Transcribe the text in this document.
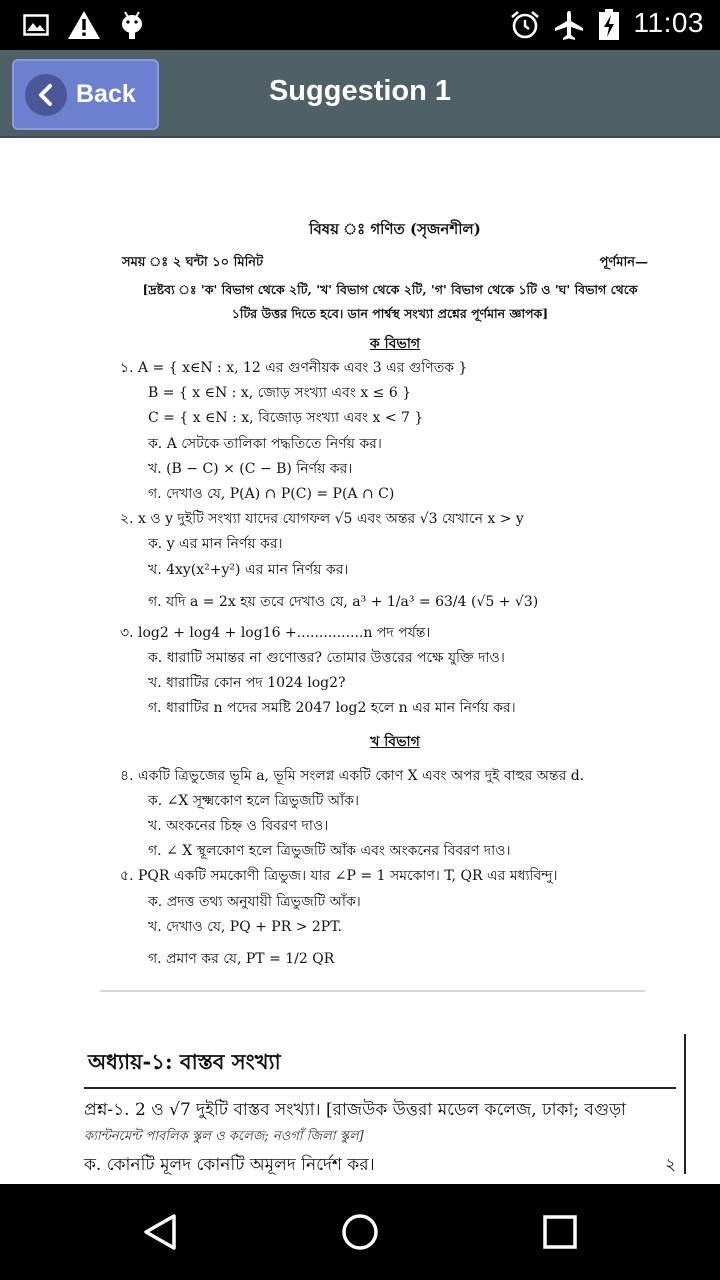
11:03
Back	Suggestion 1
বিষয় ঃ গণিত (সৃজনশীল)
সময় ঃ ২ ঘন্টা ১০ মিনিট	পূর্ণমান—
[দ্রষ্টব্য ঃ 'ক' বিভাগ থেকে ২টি, 'খ' বিভাগ থেকে ২টি, 'গ' বিভাগ থেকে ১টি ও 'ঘ' বিভাগ থেকে
১টির উত্তর দিতে হবে। ডান পার্শ্বস্থ সংখ্যা প্রশ্নের পূর্ণমান জ্ঞাপক]
ক বিভাগ
১. A = { x∈N : x, 12 এর গুণনীয়ক এবং 3 এর গুণিতক }
B = { x ∈N : x, জোড় সংখ্যা এবং x ≤ 6 }
C = { x ∈N : x, বিজোড় সংখ্যা এবং x < 7 }
ক. A সেটকে তালিকা পদ্ধতিতে নির্ণয় কর।
খ. (B − C) × (C − B) নির্ণয় কর।
গ. দেখাও যে, P(A) ∩ P(C) = P(A ∩ C)
২. x ও y দুইটি সংখ্যা যাদের যোগফল √5 এবং অন্তর √3 যেখানে x > y
ক. y এর মান নির্ণয় কর।
খ. 4xy(x²+y²) এর মান নির্ণয় কর।
গ. যদি a = 2x হয় তবে দেখাও যে, a³ + 1/a³ = 63/4 (√5 + √3)
৩. log2 + log4 + log16 +...............n পদ পর্যন্ত।
ক. ধারাটি সমান্তর না গুণোত্তর? তোমার উত্তরের পক্ষে যুক্তি দাও।
খ. ধারাটির কোন পদ 1024 log2?
গ. ধারাটির n পদের সমষ্টি 2047 log2 হলে n এর মান নির্ণয় কর।
খ বিভাগ
৪. একটি ত্রিভুজের ভূমি a, ভূমি সংলগ্ন একটি কোণ X এবং অপর দুই বাহুর অন্তর d.
ক. ∠X সূক্ষ্মকোণ হলে ত্রিভুজটি আঁক।
খ. অংকনের চিহ্ন ও বিবরণ দাও।
গ. ∠ X স্থূলকোণ হলে ত্রিভুজটি আঁক এবং অংকনের বিবরণ দাও।
৫. PQR একটি সমকোণী ত্রিভুজ। যার ∠P = 1 সমকোণ। T, QR এর মধ্যবিন্দু।
ক. প্রদত্ত তথ্য অনুযায়ী ত্রিভুজটি আঁক।
খ. দেখাও যে, PQ + PR > 2PT.
গ. প্রমাণ কর যে, PT = 1/2 QR
অধ্যায়-১: বাস্তব সংখ্যা
প্রশ্ন-১. 2 ও √7 দুইটি বাস্তব সংখ্যা। [রাজউক উত্তরা মডেল কলেজ, ঢাকা; বগুড়া
ক্যান্টনমেন্ট পাবলিক স্কুল ও কলেজ; নওগাঁ জিলা স্কুল]
ক. কোনটি মূলদ কোনটি অমূলদ নির্দেশ কর।	২
